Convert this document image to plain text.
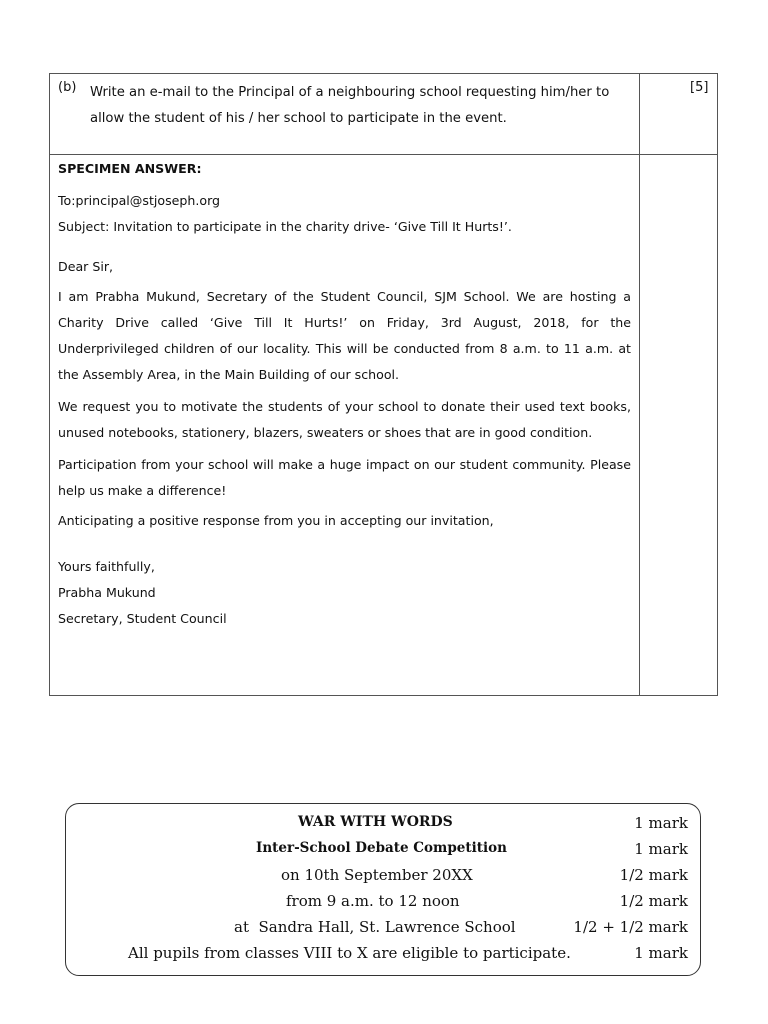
(b) Write an e-mail to the Principal of a neighbouring school requesting him/her to allow the student of his / her school to participate in the event.
[5]

SPECIMEN ANSWER:

To:principal@stjoseph.org

Subject: Invitation to participate in the charity drive- ‘Give Till It Hurts!’.

Dear Sir,

I am Prabha Mukund, Secretary of the Student Council, SJM School. We are hosting a Charity Drive called ‘Give Till It Hurts!’ on Friday, 3rd August, 2018, for the Underprivileged children of our locality. This will be conducted from 8 a.m. to 11 a.m. at the Assembly Area, in the Main Building of our school.

We request you to motivate the students of your school to donate their used text books, unused notebooks, stationery, blazers, sweaters or shoes that are in good condition.

Participation from your school will make a huge impact on our student community. Please help us make a difference!

Anticipating a positive response from you in accepting our invitation,

Yours faithfully,

Prabha Mukund

Secretary, Student Council

WAR WITH WORDS	1 mark
Inter-School Debate Competition	1 mark
on 10th September 20XX	1/2 mark
from 9 a.m. to 12 noon	1/2 mark
at  Sandra Hall, St. Lawrence School	1/2 + 1/2 mark
All pupils from classes VIII to X are eligible to participate.	1 mark
